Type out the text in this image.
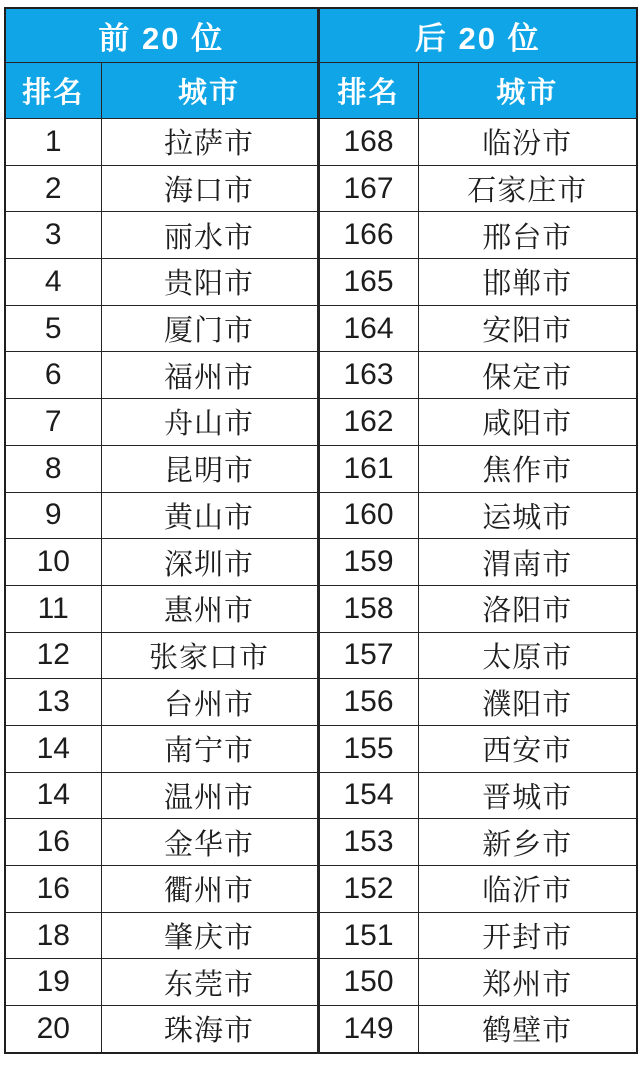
前 20 位		后 20 位	
排名	城市	排名	城市
1	拉萨市	168	临汾市
2	海口市	167	石家庄市
3	丽水市	166	邢台市
4	贵阳市	165	邯郸市
5	厦门市	164	安阳市
6	福州市	163	保定市
7	舟山市	162	咸阳市
8	昆明市	161	焦作市
9	黄山市	160	运城市
10	深圳市	159	渭南市
11	惠州市	158	洛阳市
12	张家口市	157	太原市
13	台州市	156	濮阳市
14	南宁市	155	西安市
14	温州市	154	晋城市
16	金华市	153	新乡市
16	衢州市	152	临沂市
18	肇庆市	151	开封市
19	东莞市	150	郑州市
20	珠海市	149	鹤壁市
